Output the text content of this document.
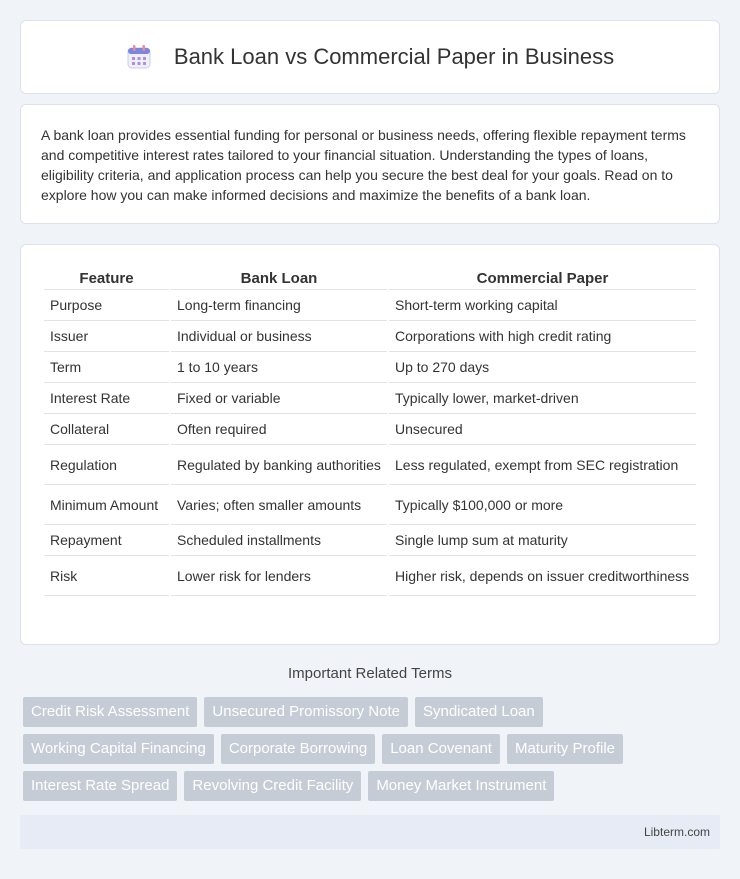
Bank Loan vs Commercial Paper in Business
A bank loan provides essential funding for personal or business needs, offering flexible repayment terms and competitive interest rates tailored to your financial situation. Understanding the types of loans, eligibility criteria, and application process can help you secure the best deal for your goals. Read on to explore how you can make informed decisions and maximize the benefits of a bank loan.
Feature	Bank Loan	Commercial Paper
Purpose	Long-term financing	Short-term working capital
Issuer	Individual or business	Corporations with high credit rating
Term	1 to 10 years	Up to 270 days
Interest Rate	Fixed or variable	Typically lower, market-driven
Collateral	Often required	Unsecured
Regulation	Regulated by banking authorities	Less regulated, exempt from SEC registration
Minimum Amount	Varies; often smaller amounts	Typically $100,000 or more
Repayment	Scheduled installments	Single lump sum at maturity
Risk	Lower risk for lenders	Higher risk, depends on issuer creditworthiness
Important Related Terms
Credit Risk Assessment	Unsecured Promissory Note	Syndicated Loan
Working Capital Financing	Corporate Borrowing	Loan Covenant	Maturity Profile
Interest Rate Spread	Revolving Credit Facility	Money Market Instrument
Libterm.com
